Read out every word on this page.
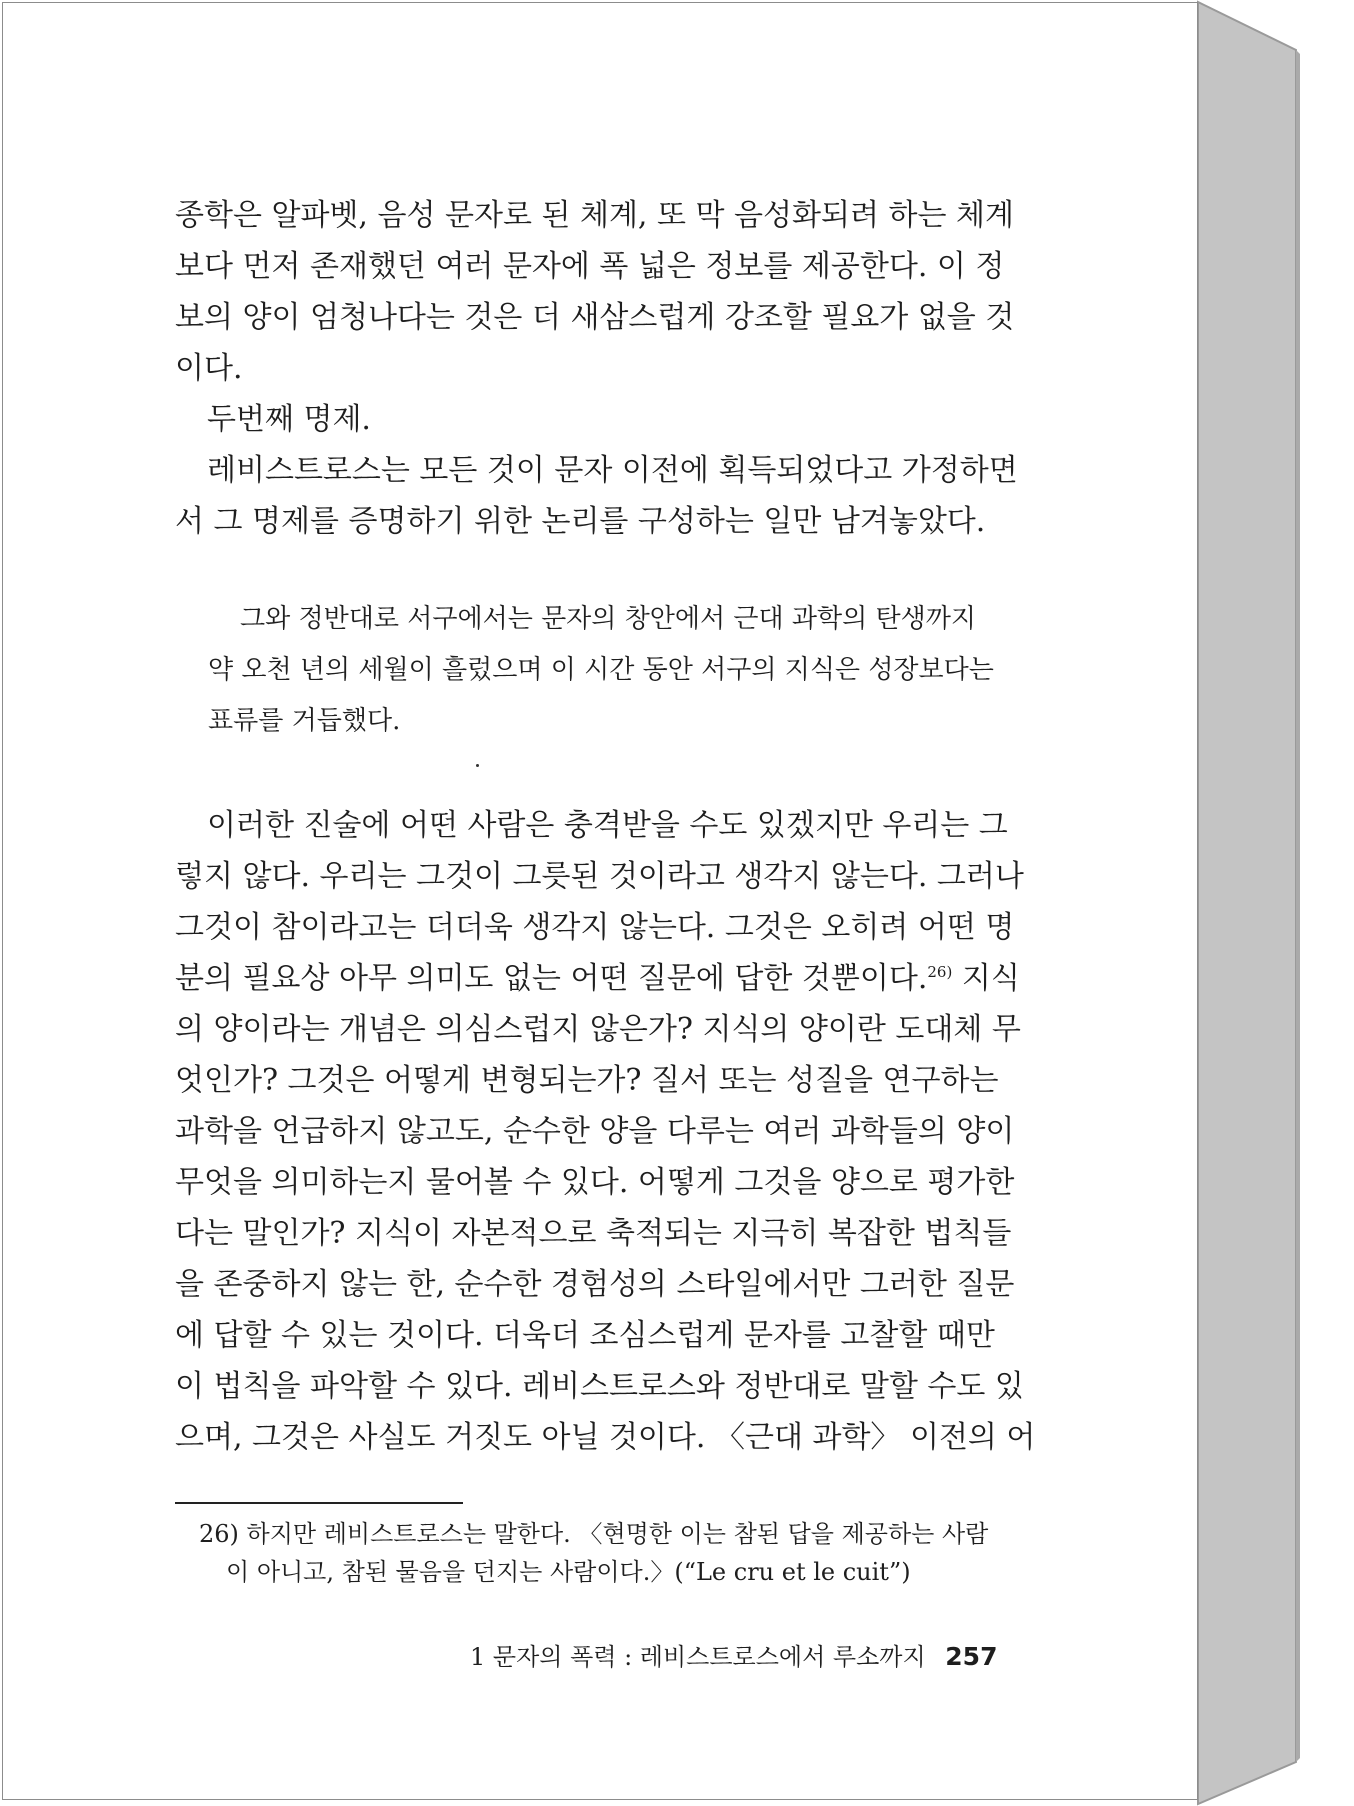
종학은 알파벳, 음성 문자로 된 체계, 또 막 음성화되려 하는 체계
보다 먼저 존재했던 여러 문자에 폭 넓은 정보를 제공한다. 이 정
보의 양이 엄청나다는 것은 더 새삼스럽게 강조할 필요가 없을 것
이다.
두번째 명제.
레비스트로스는 모든 것이 문자 이전에 획득되었다고 가정하면
서 그 명제를 증명하기 위한 논리를 구성하는 일만 남겨놓았다.

그와 정반대로 서구에서는 문자의 창안에서 근대 과학의 탄생까지
약 오천 년의 세월이 흘렀으며 이 시간 동안 서구의 지식은 성장보다는
표류를 거듭했다.

이러한 진술에 어떤 사람은 충격받을 수도 있겠지만 우리는 그
렇지 않다. 우리는 그것이 그릇된 것이라고 생각지 않는다. 그러나
그것이 참이라고는 더더욱 생각지 않는다. 그것은 오히려 어떤 명
분의 필요상 아무 의미도 없는 어떤 질문에 답한 것뿐이다.$^{26)}$ 지식
의 양이라는 개념은 의심스럽지 않은가? 지식의 양이란 도대체 무
엇인가? 그것은 어떻게 변형되는가? 질서 또는 성질을 연구하는
과학을 언급하지 않고도, 순수한 양을 다루는 여러 과학들의 양이
무엇을 의미하는지 물어볼 수 있다. 어떻게 그것을 양으로 평가한
다는 말인가? 지식이 자본적으로 축적되는 지극히 복잡한 법칙들
을 존중하지 않는 한, 순수한 경험성의 스타일에서만 그러한 질문
에 답할 수 있는 것이다. 더욱더 조심스럽게 문자를 고찰할 때만
이 법칙을 파악할 수 있다. 레비스트로스와 정반대로 말할 수도 있
으며, 그것은 사실도 거짓도 아닐 것이다. 〈근대 과학〉 이전의 어

26) 하지만 레비스트로스는 말한다. 〈현명한 이는 참된 답을 제공하는 사람
이 아니고, 참된 물음을 던지는 사람이다.〉(“Le cru et le cuit”)
1 문자의 폭력 : 레비스트로스에서 루소까지 257
